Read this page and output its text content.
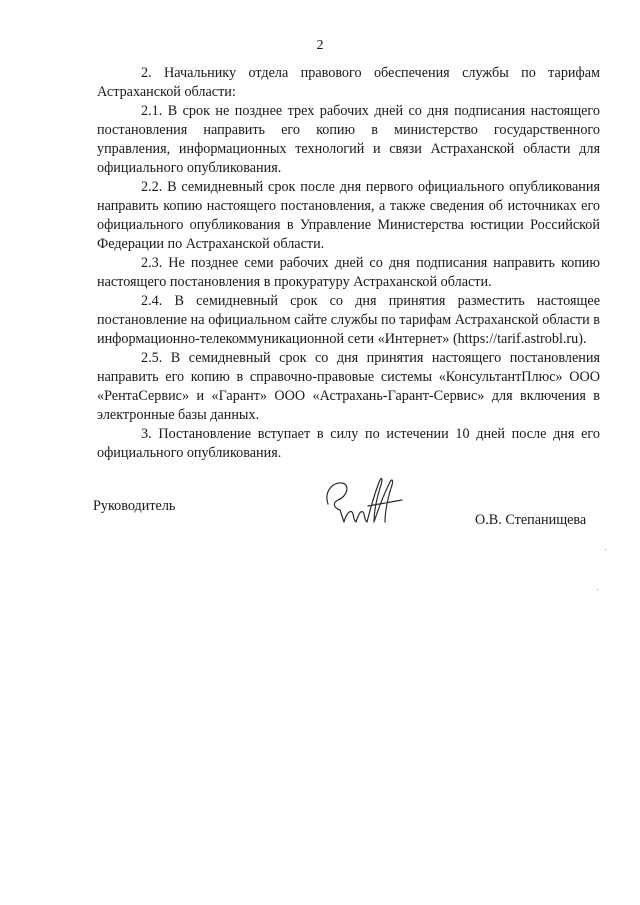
2

2. Начальнику отдела правового обеспечения службы по тарифам Астраханской области:

2.1. В срок не позднее трех рабочих дней со дня подписания настоящего постановления направить его копию в министерство государственного управления, информационных технологий и связи Астраханской области для официального опубликования.

2.2. В семидневный срок после дня первого официального опубликования направить копию настоящего постановления, а также сведения об источниках его официального опубликования в Управление Министерства юстиции Российской Федерации по Астраханской области.

2.3. Не позднее семи рабочих дней со дня подписания направить копию настоящего постановления в прокуратуру Астраханской области.

2.4. В семидневный срок со дня принятия разместить настоящее постановление на официальном сайте службы по тарифам Астраханской области в информационно-телекоммуникационной сети «Интернет» (https://tarif.astrobl.ru).

2.5. В семидневный срок со дня принятия настоящего постановления направить его копию в справочно-правовые системы «КонсультантПлюс» ООО «РентаСервис» и «Гарант» ООО «Астрахань-Гарант-Сервис» для включения в электронные базы данных.

3. Постановление вступает в силу по истечении 10 дней после дня его официального опубликования.

Руководитель
О.В. Степанищева
